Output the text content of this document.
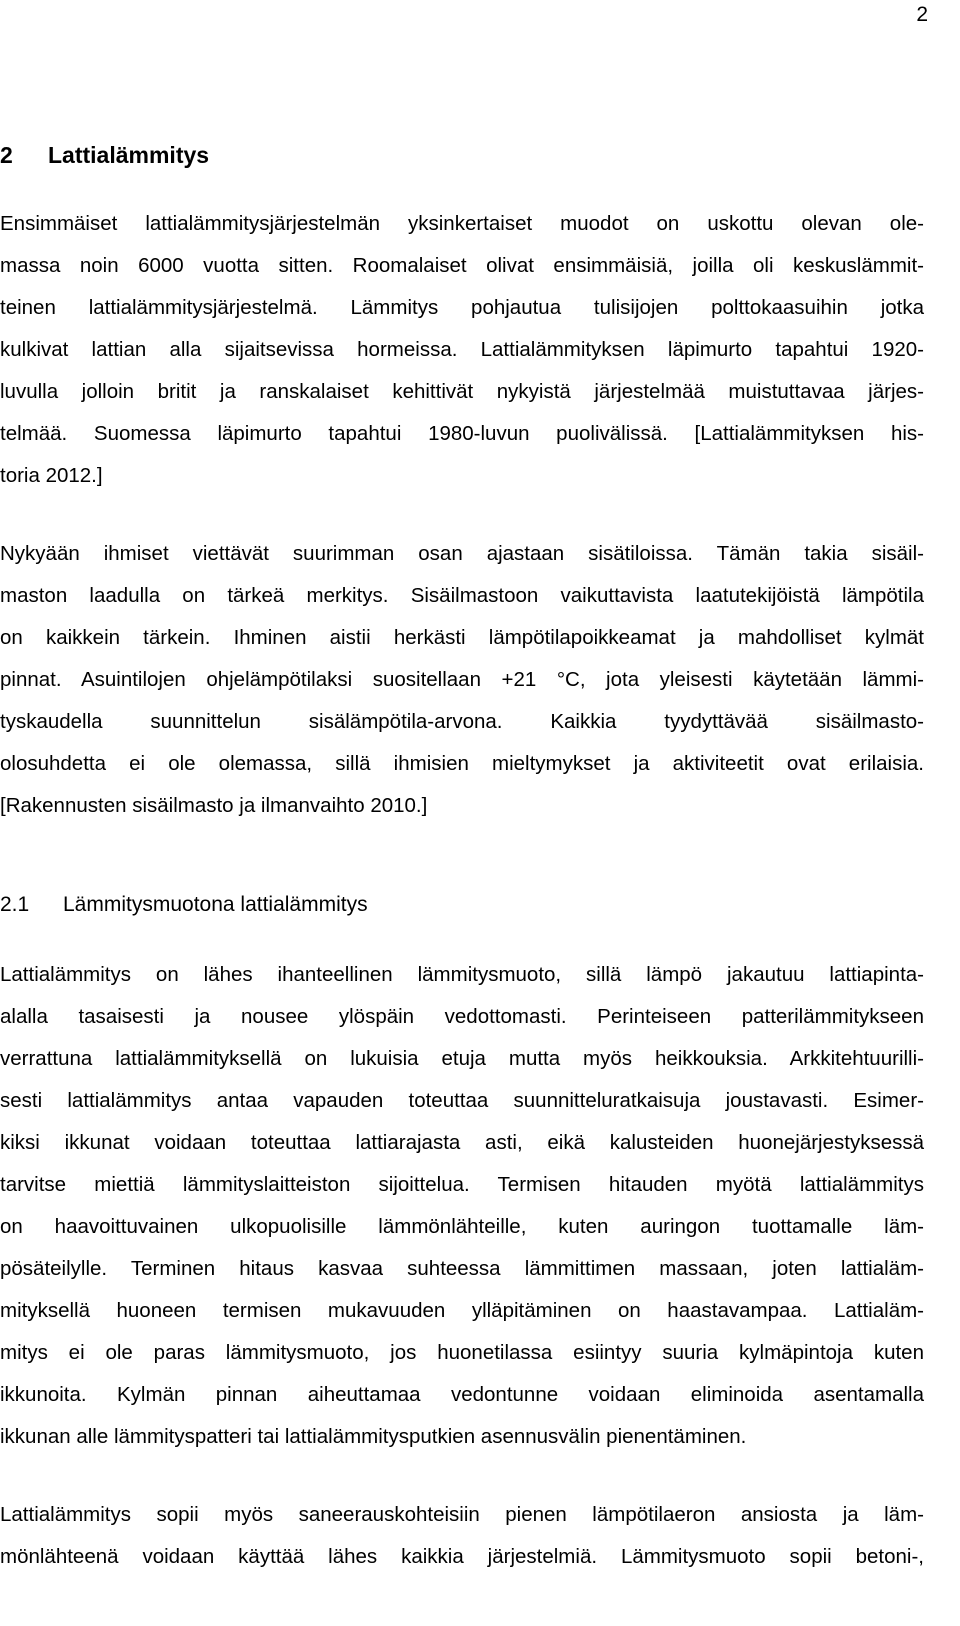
2
2 Lattialämmitys
Ensimmäiset lattialämmitysjärjestelmän yksinkertaiset muodot on uskottu olevan ole-
massa noin 6000 vuotta sitten. Roomalaiset olivat ensimmäisiä, joilla oli keskuslämmit-
teinen lattialämmitysjärjestelmä. Lämmitys pohjautua tulisijojen polttokaasuihin jotka
kulkivat lattian alla sijaitsevissa hormeissa. Lattialämmityksen läpimurto tapahtui 1920-
luvulla jolloin britit ja ranskalaiset kehittivät nykyistä järjestelmää muistuttavaa järjes-
telmää. Suomessa läpimurto tapahtui 1980-luvun puolivälissä. [Lattialämmityksen his-
toria 2012.]
Nykyään ihmiset viettävät suurimman osan ajastaan sisätiloissa. Tämän takia sisäil-
maston laadulla on tärkeä merkitys. Sisäilmastoon vaikuttavista laatutekijöistä lämpötila
on kaikkein tärkein. Ihminen aistii herkästi lämpötilapoikkeamat ja mahdolliset kylmät
pinnat. Asuintilojen ohjelämpötilaksi suositellaan +21 °C, jota yleisesti käytetään lämmi-
tyskaudella suunnittelun sisälämpötila-arvona. Kaikkia tyydyttävää sisäilmasto-
olosuhdetta ei ole olemassa, sillä ihmisien mieltymykset ja aktiviteetit ovat erilaisia.
[Rakennusten sisäilmasto ja ilmanvaihto 2010.]
2.1 Lämmitysmuotona lattialämmitys
Lattialämmitys on lähes ihanteellinen lämmitysmuoto, sillä lämpö jakautuu lattiapinta-
alalla tasaisesti ja nousee ylöspäin vedottomasti. Perinteiseen patterilämmitykseen
verrattuna lattialämmityksellä on lukuisia etuja mutta myös heikkouksia. Arkkitehtuurilli-
sesti lattialämmitys antaa vapauden toteuttaa suunnitteluratkaisuja joustavasti. Esimer-
kiksi ikkunat voidaan toteuttaa lattiarajasta asti, eikä kalusteiden huonejärjestyksessä
tarvitse miettiä lämmityslaitteiston sijoittelua. Termisen hitauden myötä lattialämmitys
on haavoittuvainen ulkopuolisille lämmönlähteille, kuten auringon tuottamalle läm-
pösäteilylle. Terminen hitaus kasvaa suhteessa lämmittimen massaan, joten lattialäm-
mityksellä huoneen termisen mukavuuden ylläpitäminen on haastavampaa. Lattialäm-
mitys ei ole paras lämmitysmuoto, jos huonetilassa esiintyy suuria kylmäpintoja kuten
ikkunoita. Kylmän pinnan aiheuttamaa vedontunne voidaan eliminoida asentamalla
ikkunan alle lämmityspatteri tai lattialämmitysputkien asennusvälin pienentäminen.
Lattialämmitys sopii myös saneerauskohteisiin pienen lämpötilaeron ansiosta ja läm-
mönlähteenä voidaan käyttää lähes kaikkia järjestelmiä. Lämmitysmuoto sopii betoni-,
